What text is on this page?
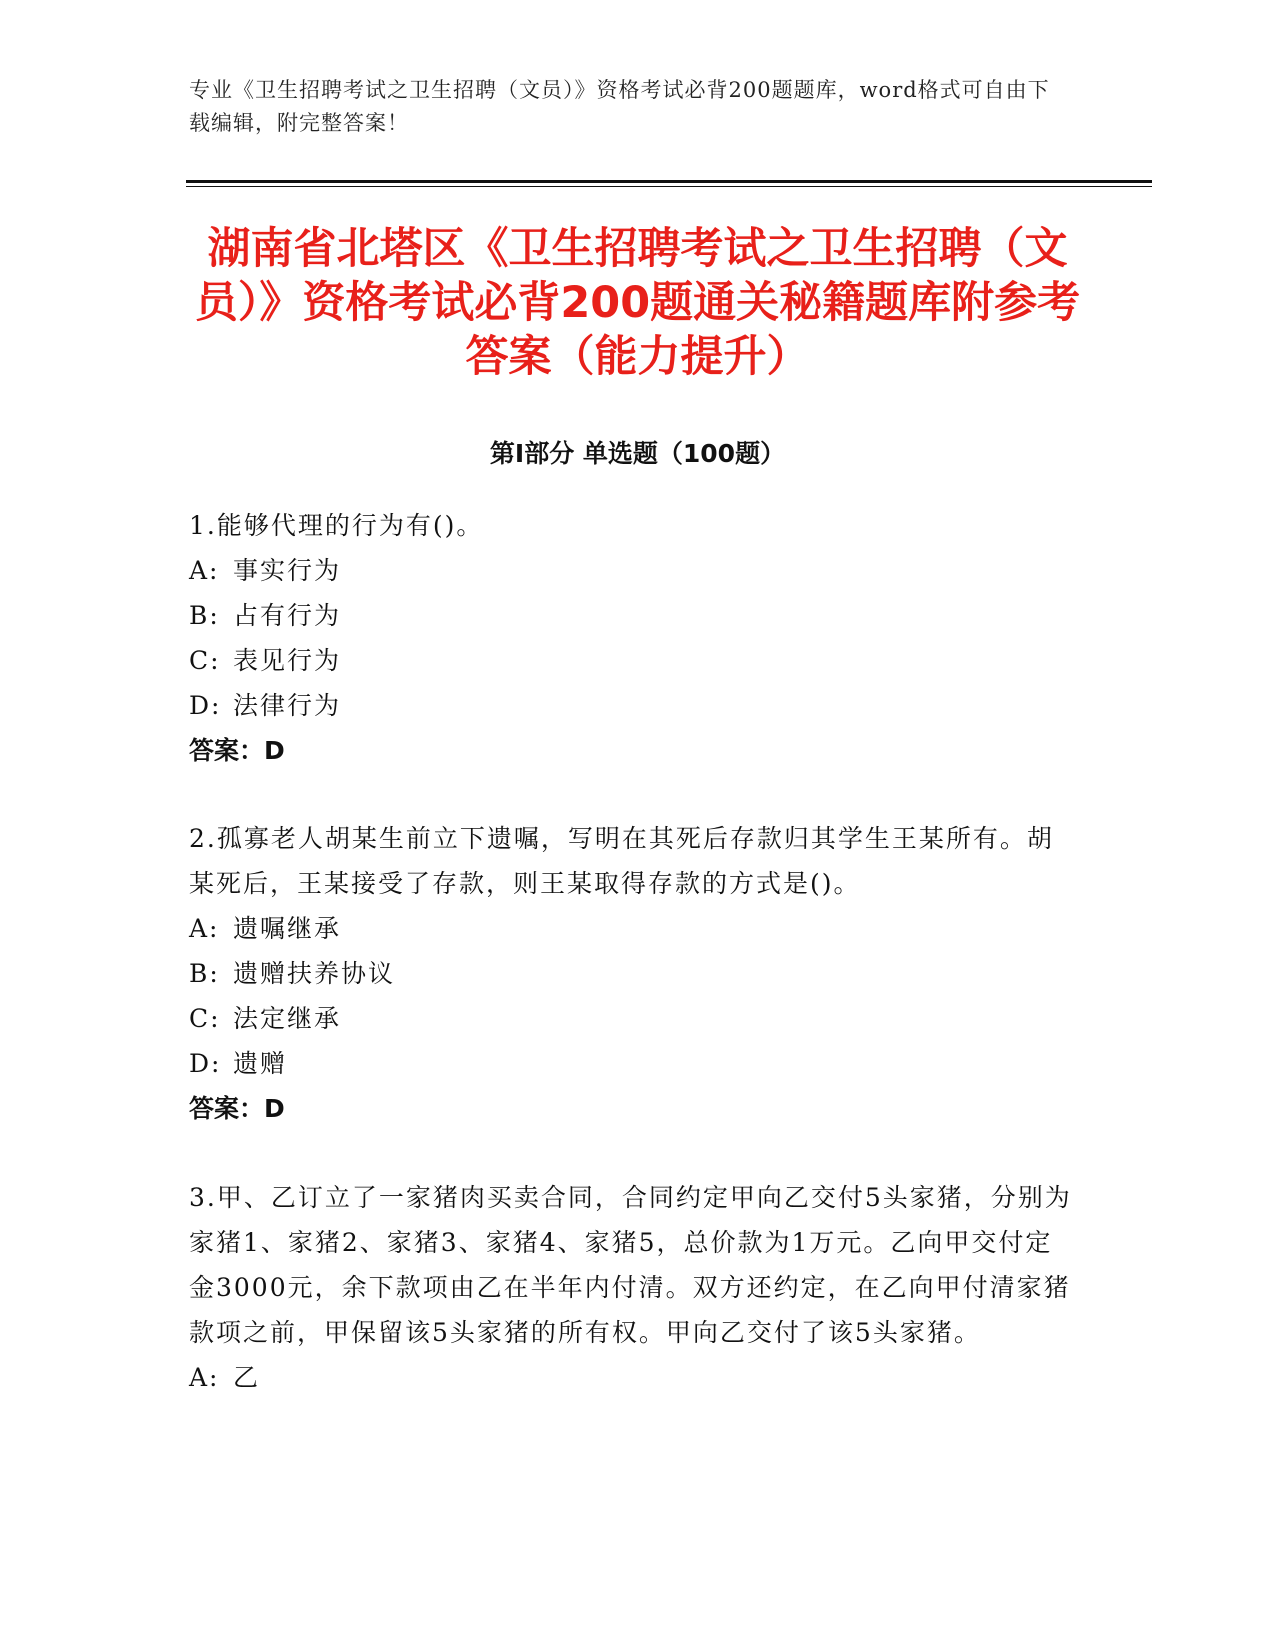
专业《卫生招聘考试之卫生招聘（文员）》资格考试必背200题题库，word格式可自由下载编辑，附完整答案！
湖南省北塔区《卫生招聘考试之卫生招聘（文员）》资格考试必背200题通关秘籍题库附参考答案（能力提升）
第I部分 单选题（100题）
1.能够代理的行为有()。
A: 事实行为
B: 占有行为
C: 表见行为
D: 法律行为
答案：D
2.孤寡老人胡某生前立下遗嘱，写明在其死后存款归其学生王某所有。胡某死后，王某接受了存款，则王某取得存款的方式是()。
A: 遗嘱继承
B: 遗赠扶养协议
C: 法定继承
D: 遗赠
答案：D
3.甲、乙订立了一家猪肉买卖合同，合同约定甲向乙交付5头家猪，分别为家猪1、家猪2、家猪3、家猪4、家猪5，总价款为1万元。乙向甲交付定金3000元，余下款项由乙在半年内付清。双方还约定，在乙向甲付清家猪款项之前，甲保留该5头家猪的所有权。甲向乙交付了该5头家猪。
A: 乙
